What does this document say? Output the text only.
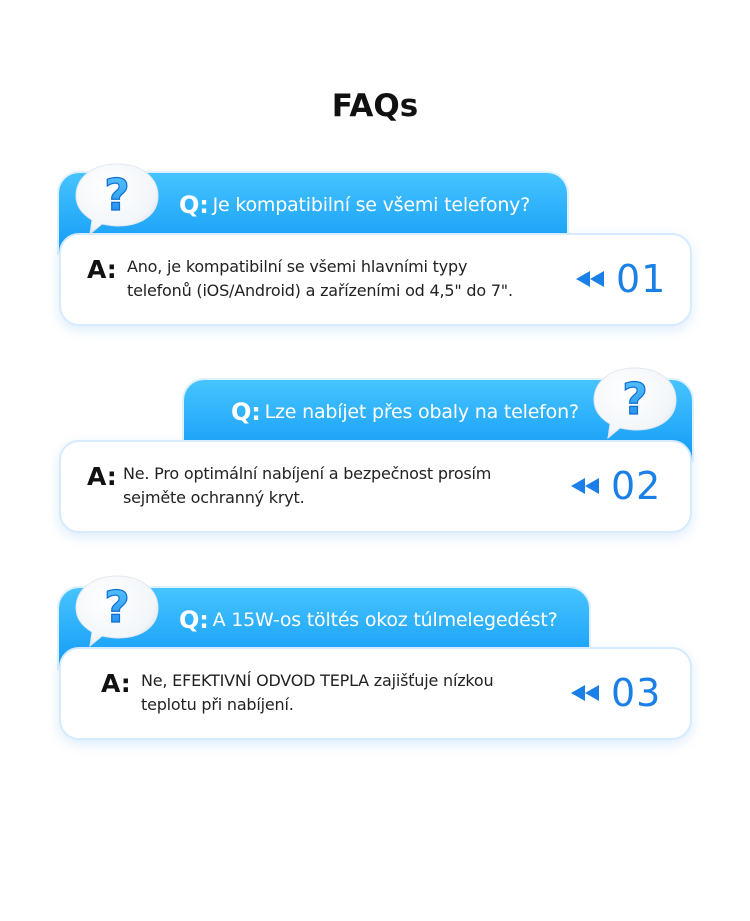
FAQs
Q: Je kompatibilní se všemi telefony?
A: Ano, je kompatibilní se všemi hlavními typy
telefonů (iOS/Android) a zařízeními od 4,5" do 7".	01
Q: Lze nabíjet přes obaly na telefon?
A: Ne. Pro optimální nabíjení a bezpečnost prosím
sejměte ochranný kryt.	02
Q: A 15W-os töltés okoz túlmelegedést?
A: Ne, EFEKTIVNÍ ODVOD TEPLA zajišťuje nízkou
teplotu při nabíjení.	03
